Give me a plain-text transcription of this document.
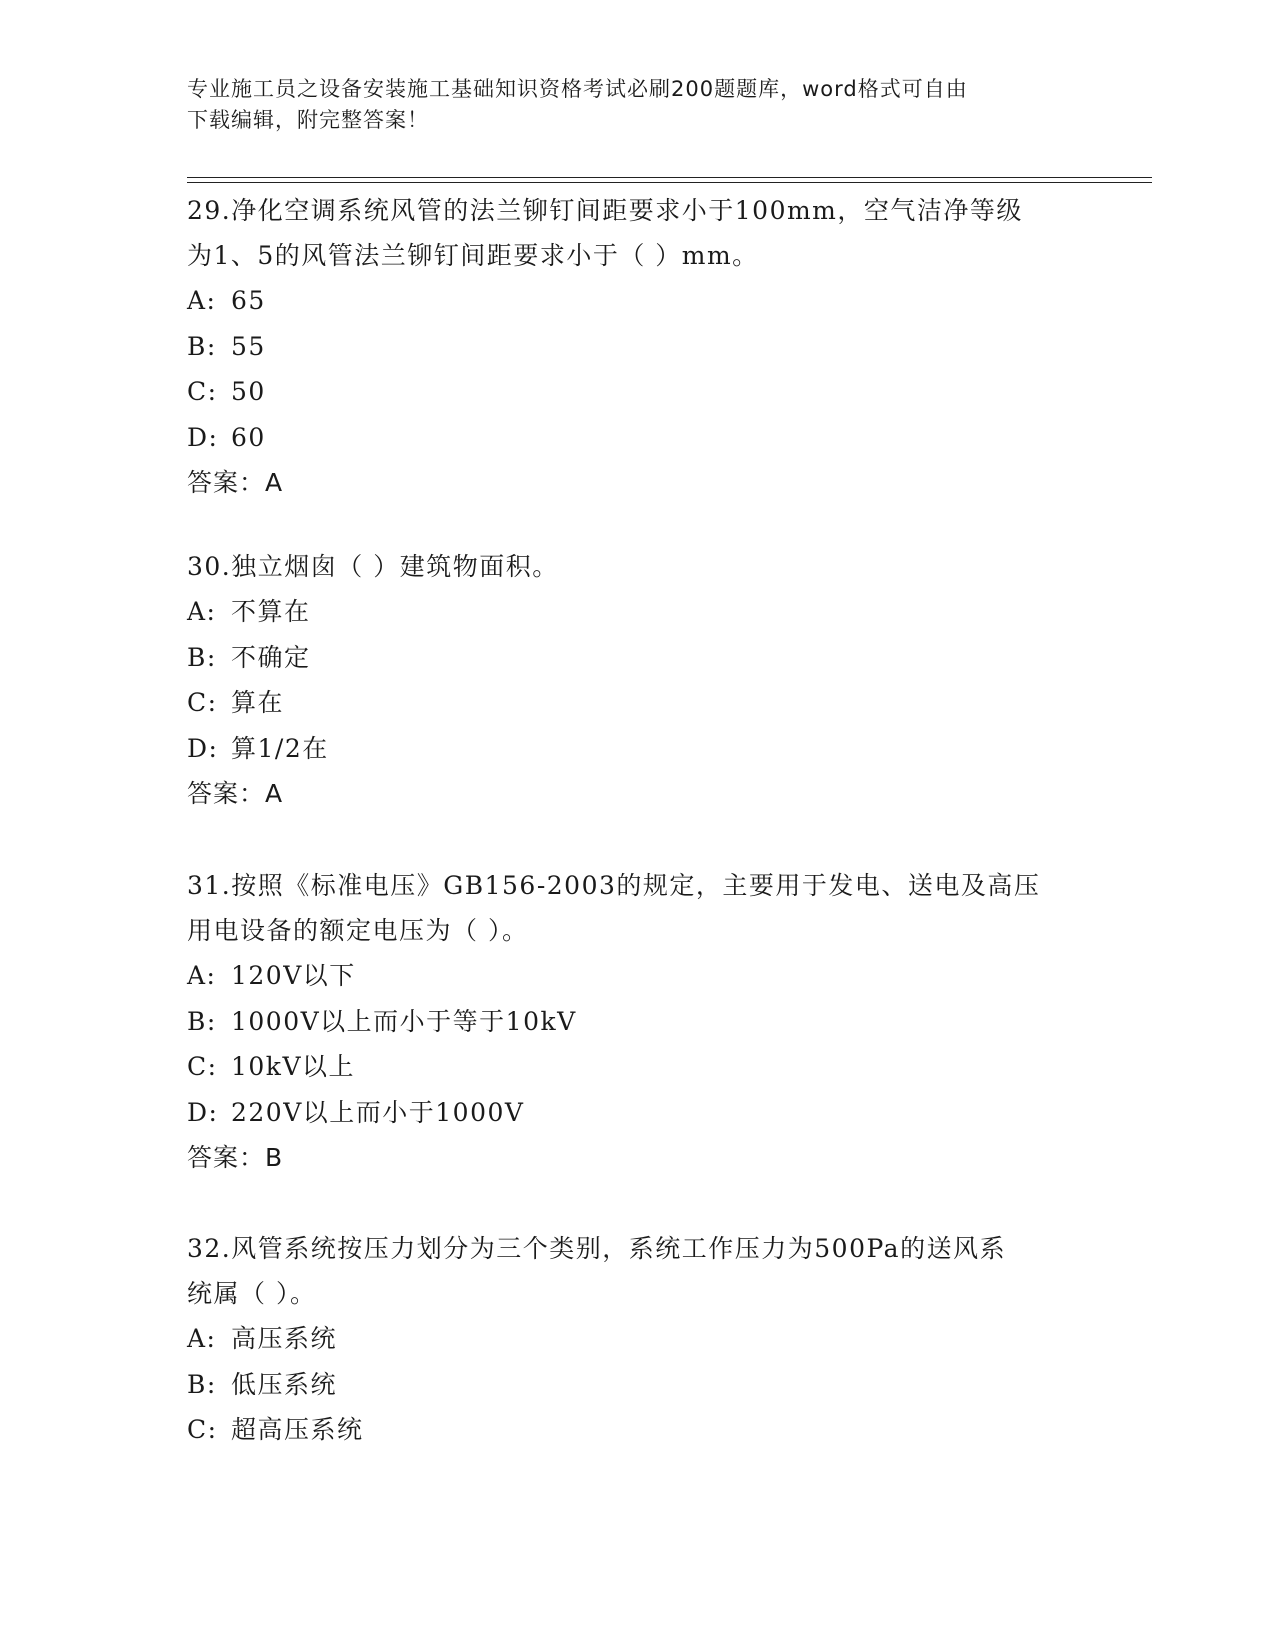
专业施工员之设备安装施工基础知识资格考试必刷200题题库，word格式可自由
下载编辑，附完整答案！
29.净化空调系统风管的法兰铆钉间距要求小于100mm，空气洁净等级
为1、5的风管法兰铆钉间距要求小于（ ）mm。
A: 65
B: 55
C: 50
D: 60
答案：A
30.独立烟囱（ ）建筑物面积。
A: 不算在
B: 不确定
C: 算在
D: 算1/2在
答案：A
31.按照《标准电压》GB156-2003的规定，主要用于发电、送电及高压
用电设备的额定电压为（ ）。
A: 120V以下
B: 1000V以上而小于等于10kV
C: 10kV以上
D: 220V以上而小于1000V
答案：B
32.风管系统按压力划分为三个类别，系统工作压力为500Pa的送风系
统属（ ）。
A: 高压系统
B: 低压系统
C: 超高压系统
